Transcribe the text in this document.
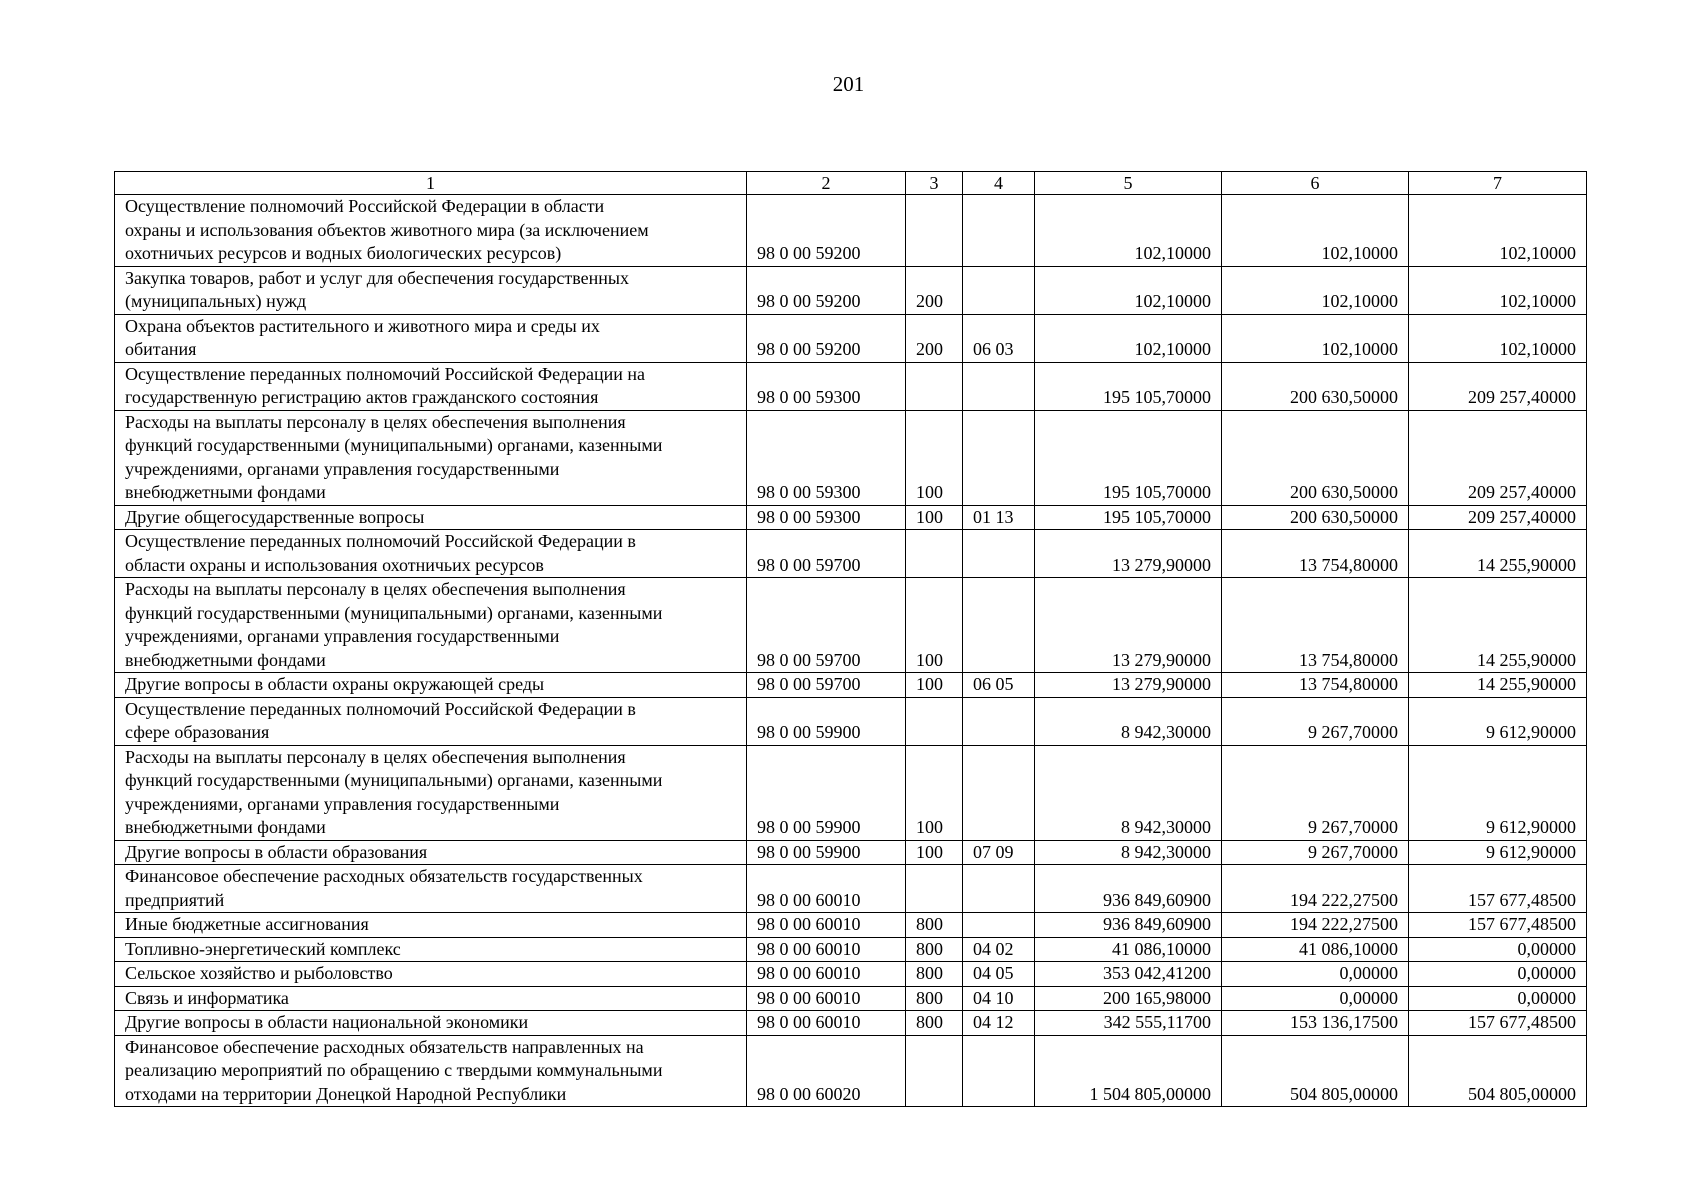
201
1	2	3	4	5	6	7
Осуществление полномочий Российской Федерации в области
охраны и использования объектов животного мира (за исключением
охотничьих ресурсов и водных биологических ресурсов)	98 0 00 59200			102,10000	102,10000	102,10000
Закупка товаров, работ и услуг для обеспечения государственных
(муниципальных) нужд	98 0 00 59200	200		102,10000	102,10000	102,10000
Охрана объектов растительного и животного мира и среды их
обитания	98 0 00 59200	200	06 03	102,10000	102,10000	102,10000
Осуществление переданных полномочий Российской Федерации на
государственную регистрацию актов гражданского состояния	98 0 00 59300			195 105,70000	200 630,50000	209 257,40000
Расходы на выплаты персоналу в целях обеспечения выполнения
функций государственными (муниципальными) органами, казенными
учреждениями, органами управления государственными
внебюджетными фондами	98 0 00 59300	100		195 105,70000	200 630,50000	209 257,40000
Другие общегосударственные вопросы	98 0 00 59300	100	01 13	195 105,70000	200 630,50000	209 257,40000
Осуществление переданных полномочий Российской Федерации в
области охраны и использования охотничьих ресурсов	98 0 00 59700			13 279,90000	13 754,80000	14 255,90000
Расходы на выплаты персоналу в целях обеспечения выполнения
функций государственными (муниципальными) органами, казенными
учреждениями, органами управления государственными
внебюджетными фондами	98 0 00 59700	100		13 279,90000	13 754,80000	14 255,90000
Другие вопросы в области охраны окружающей среды	98 0 00 59700	100	06 05	13 279,90000	13 754,80000	14 255,90000
Осуществление переданных полномочий Российской Федерации в
сфере образования	98 0 00 59900			8 942,30000	9 267,70000	9 612,90000
Расходы на выплаты персоналу в целях обеспечения выполнения
функций государственными (муниципальными) органами, казенными
учреждениями, органами управления государственными
внебюджетными фондами	98 0 00 59900	100		8 942,30000	9 267,70000	9 612,90000
Другие вопросы в области образования	98 0 00 59900	100	07 09	8 942,30000	9 267,70000	9 612,90000
Финансовое обеспечение расходных обязательств государственных
предприятий	98 0 00 60010			936 849,60900	194 222,27500	157 677,48500
Иные бюджетные ассигнования	98 0 00 60010	800		936 849,60900	194 222,27500	157 677,48500
Топливно-энергетический комплекс	98 0 00 60010	800	04 02	41 086,10000	41 086,10000	0,00000
Сельское хозяйство и рыболовство	98 0 00 60010	800	04 05	353 042,41200	0,00000	0,00000
Связь и информатика	98 0 00 60010	800	04 10	200 165,98000	0,00000	0,00000
Другие вопросы в области национальной экономики	98 0 00 60010	800	04 12	342 555,11700	153 136,17500	157 677,48500
Финансовое обеспечение расходных обязательств направленных на
реализацию мероприятий по обращению с твердыми коммунальными
отходами на территории Донецкой Народной Республики	98 0 00 60020			1 504 805,00000	504 805,00000	504 805,00000
